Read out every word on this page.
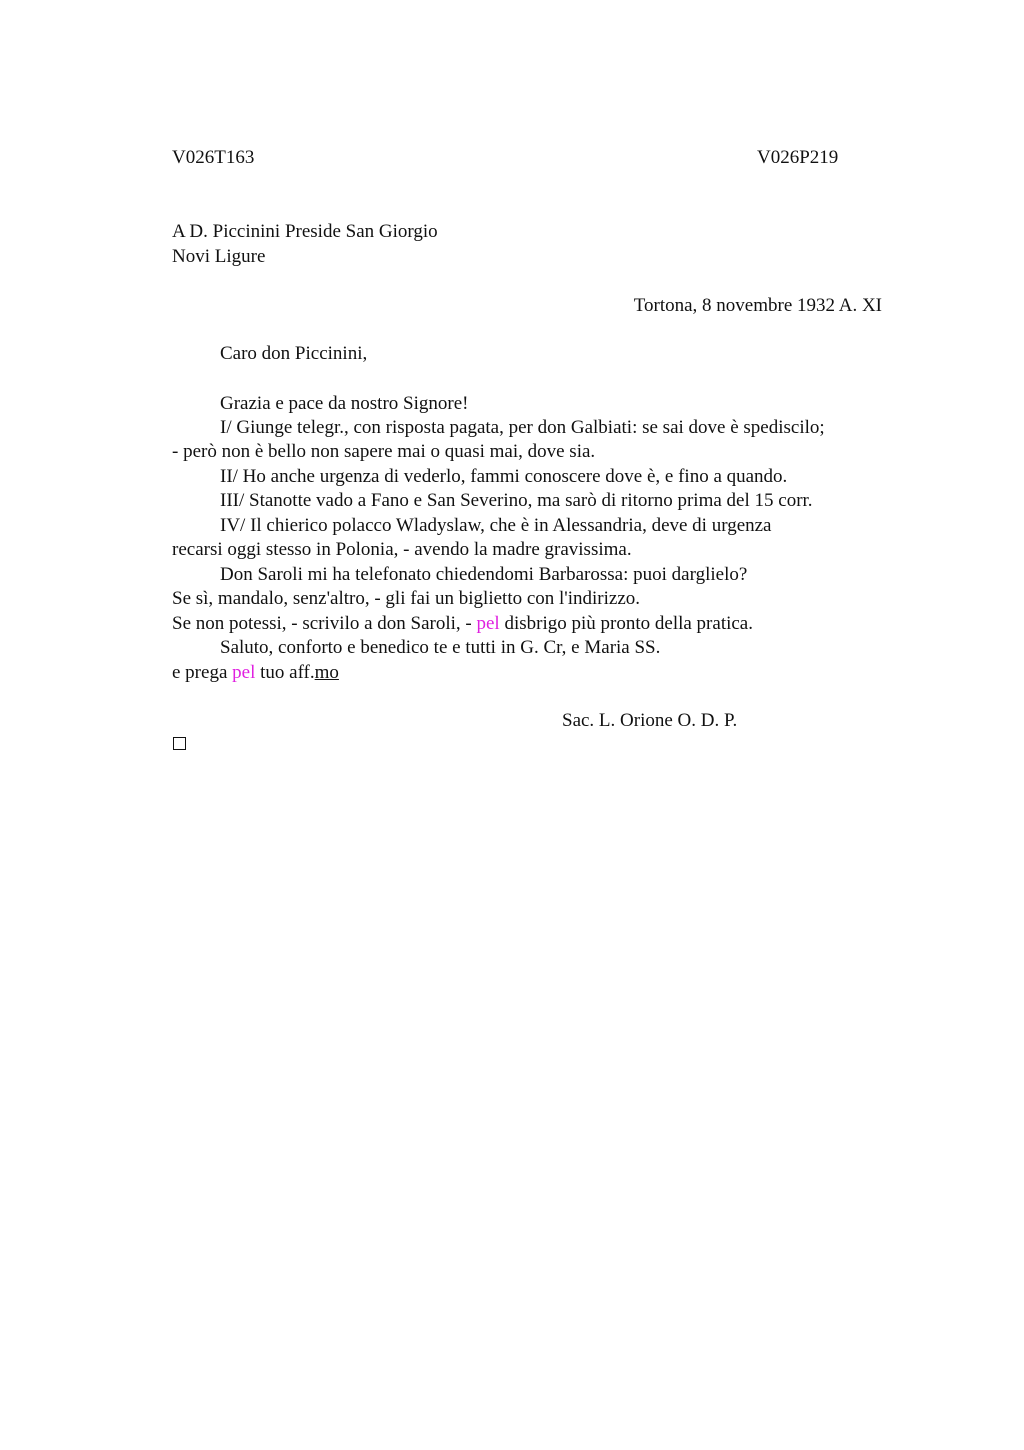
V026T163	V026P219
A D. Piccinini Preside San Giorgio
Novi Ligure
Tortona, 8 novembre 1932 A. XI
Caro don Piccinini,
Grazia e pace da nostro Signore!
I/ Giunge telegr., con risposta pagata, per don Galbiati: se sai dove è spediscilo;
- però non è bello non sapere mai o quasi mai, dove sia.
II/ Ho anche urgenza di vederlo, fammi conoscere dove è, e fino a quando.
III/ Stanotte vado a Fano e San Severino, ma sarò di ritorno prima del 15 corr.
IV/ Il chierico polacco Wladyslaw, che è in Alessandria, deve di urgenza
recarsi oggi stesso in Polonia, - avendo la madre gravissima.
Don Saroli mi ha telefonato chiedendomi Barbarossa: puoi darglielo?
Se sì, mandalo, senz'altro, - gli fai un biglietto con l'indirizzo.
Se non potessi, - scrivilo a don Saroli, - pel disbrigo più pronto della pratica.
Saluto, conforto e benedico te e tutti in G. Cr, e Maria SS.
e prega pel tuo aff.mo
Sac. L. Orione O. D. P.
